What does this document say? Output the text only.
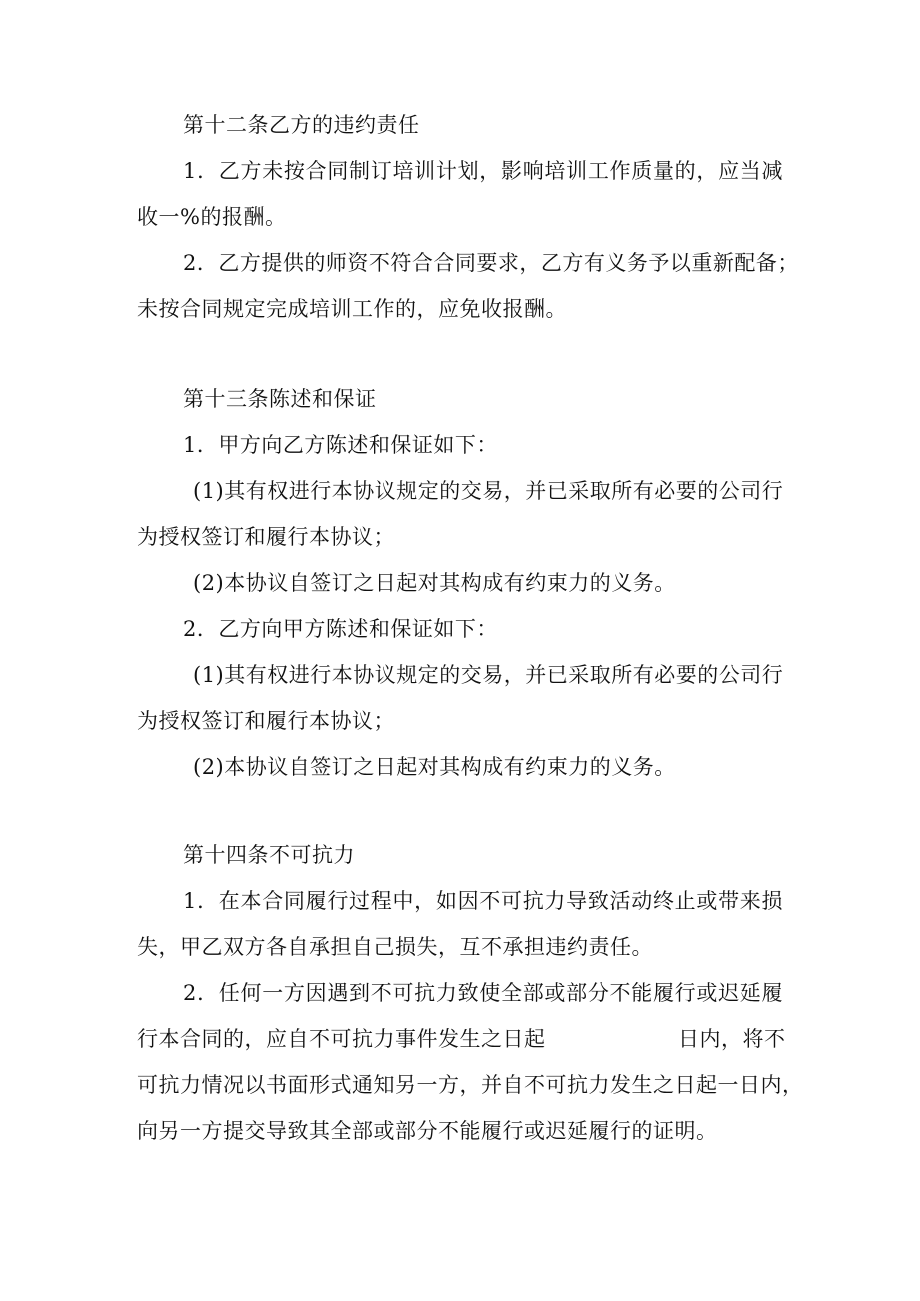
第十二条乙方的违约责任
1．乙方未按合同制订培训计划，影响培训工作质量的，应当减
收一%的报酬。
2．乙方提供的师资不符合合同要求，乙方有义务予以重新配备；
未按合同规定完成培训工作的，应免收报酬。
第十三条陈述和保证
1．甲方向乙方陈述和保证如下：
(1)其有权进行本协议规定的交易，并已采取所有必要的公司行
为授权签订和履行本协议；
(2)本协议自签订之日起对其构成有约束力的义务。
2．乙方向甲方陈述和保证如下：
(1)其有权进行本协议规定的交易，并已采取所有必要的公司行
为授权签订和履行本协议；
(2)本协议自签订之日起对其构成有约束力的义务。
第十四条不可抗力
1．在本合同履行过程中，如因不可抗力导致活动终止或带来损
失，甲乙双方各自承担自己损失，互不承担违约责任。
2．任何一方因遇到不可抗力致使全部或部分不能履行或迟延履
行本合同的，应自不可抗力事件发生之日起	日内，将不
可抗力情况以书面形式通知另一方，并自不可抗力发生之日起一日内，
向另一方提交导致其全部或部分不能履行或迟延履行的证明。
